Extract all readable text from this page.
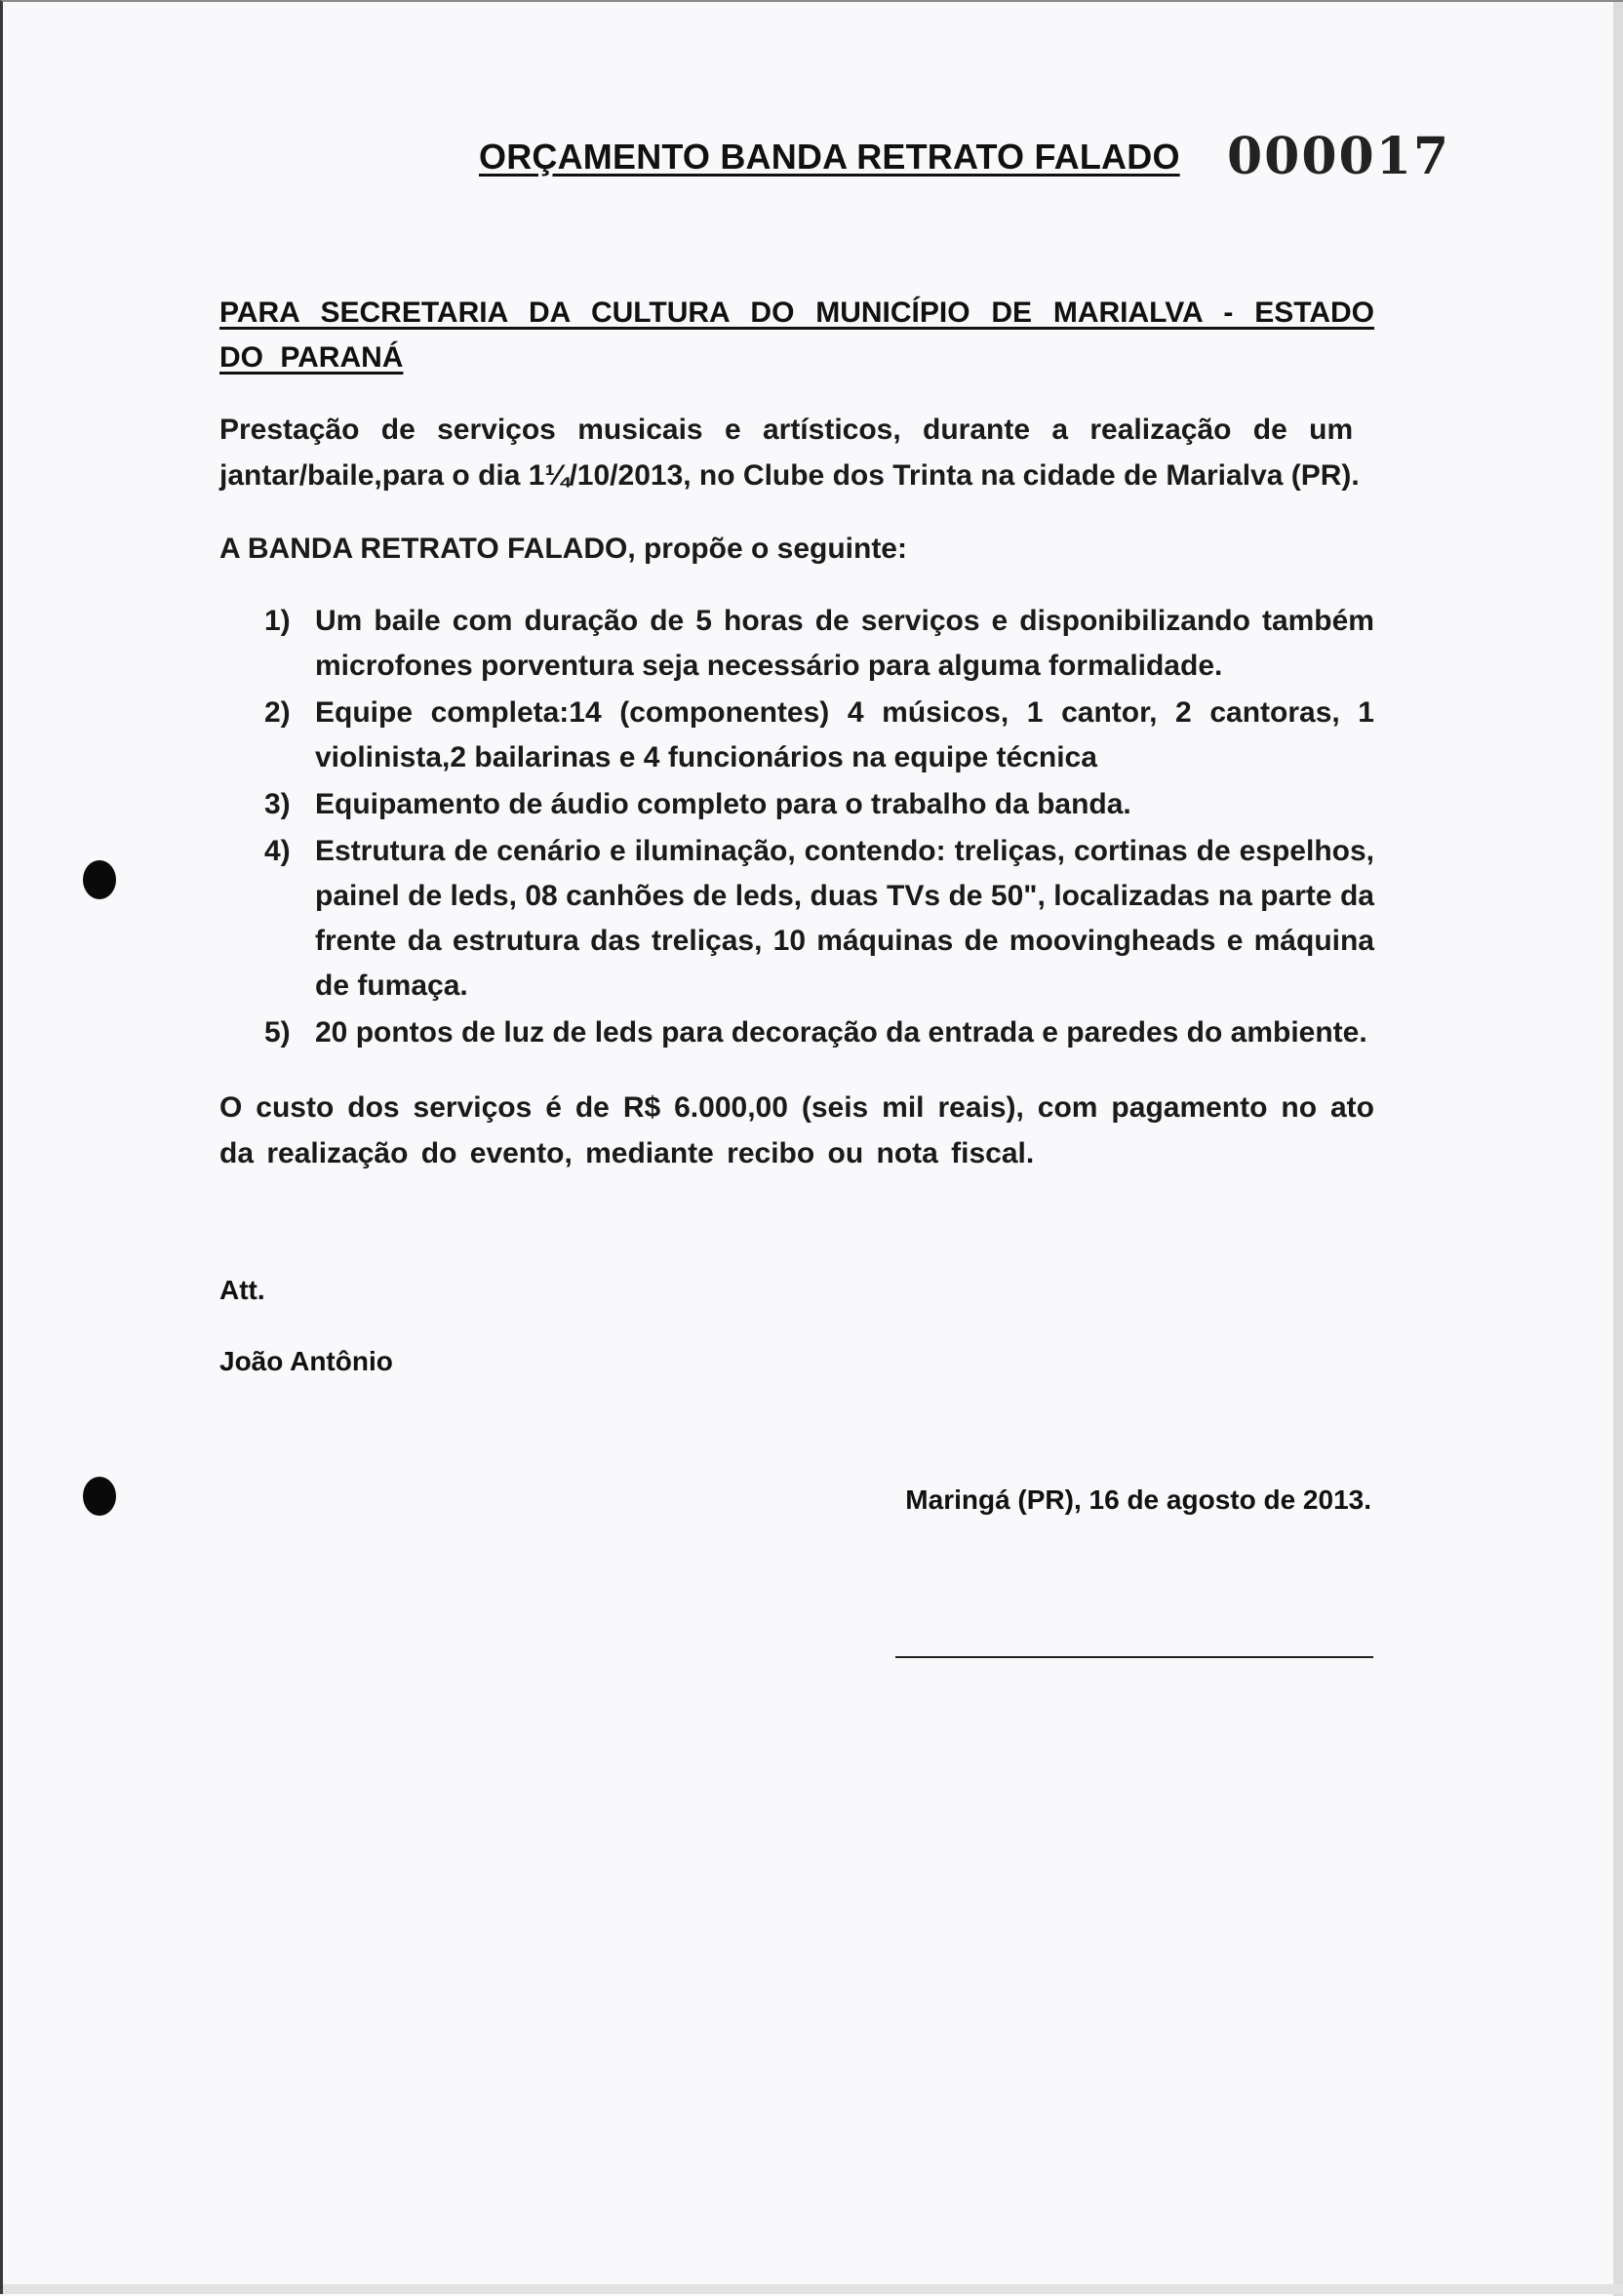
ORÇAMENTO BANDA RETRATO FALADO 000017
PARA SECRETARIA DA CULTURA DO MUNICÍPIO DE MARIALVA - ESTADO DO PARANÁ
Prestação de serviços musicais e artísticos, durante a realização de um
jantar/baile,para o dia 1¼/10/2013, no Clube dos Trinta na cidade de Marialva (PR).
A BANDA RETRATO FALADO, propõe o seguinte:
1) Um baile com duração de 5 horas de serviços e disponibilizando também microfones porventura seja necessário para alguma formalidade.
2) Equipe completa:14 (componentes) 4 músicos, 1 cantor, 2 cantoras, 1 violinista,2 bailarinas e 4 funcionários na equipe técnica
3) Equipamento de áudio completo para o trabalho da banda.
4) Estrutura de cenário e iluminação, contendo: treliças, cortinas de espelhos, painel de leds, 08 canhões de leds, duas TVs de 50", localizadas na parte da frente da estrutura das treliças, 10 máquinas de moovingheads e máquina de fumaça.
5) 20 pontos de luz de leds para decoração da entrada e paredes do ambiente.
O custo dos serviços é de R$ 6.000,00 (seis mil reais), com pagamento no ato da realização do evento, mediante recibo ou nota fiscal.
Att.
João Antônio
Maringá (PR), 16 de agosto de 2013.
